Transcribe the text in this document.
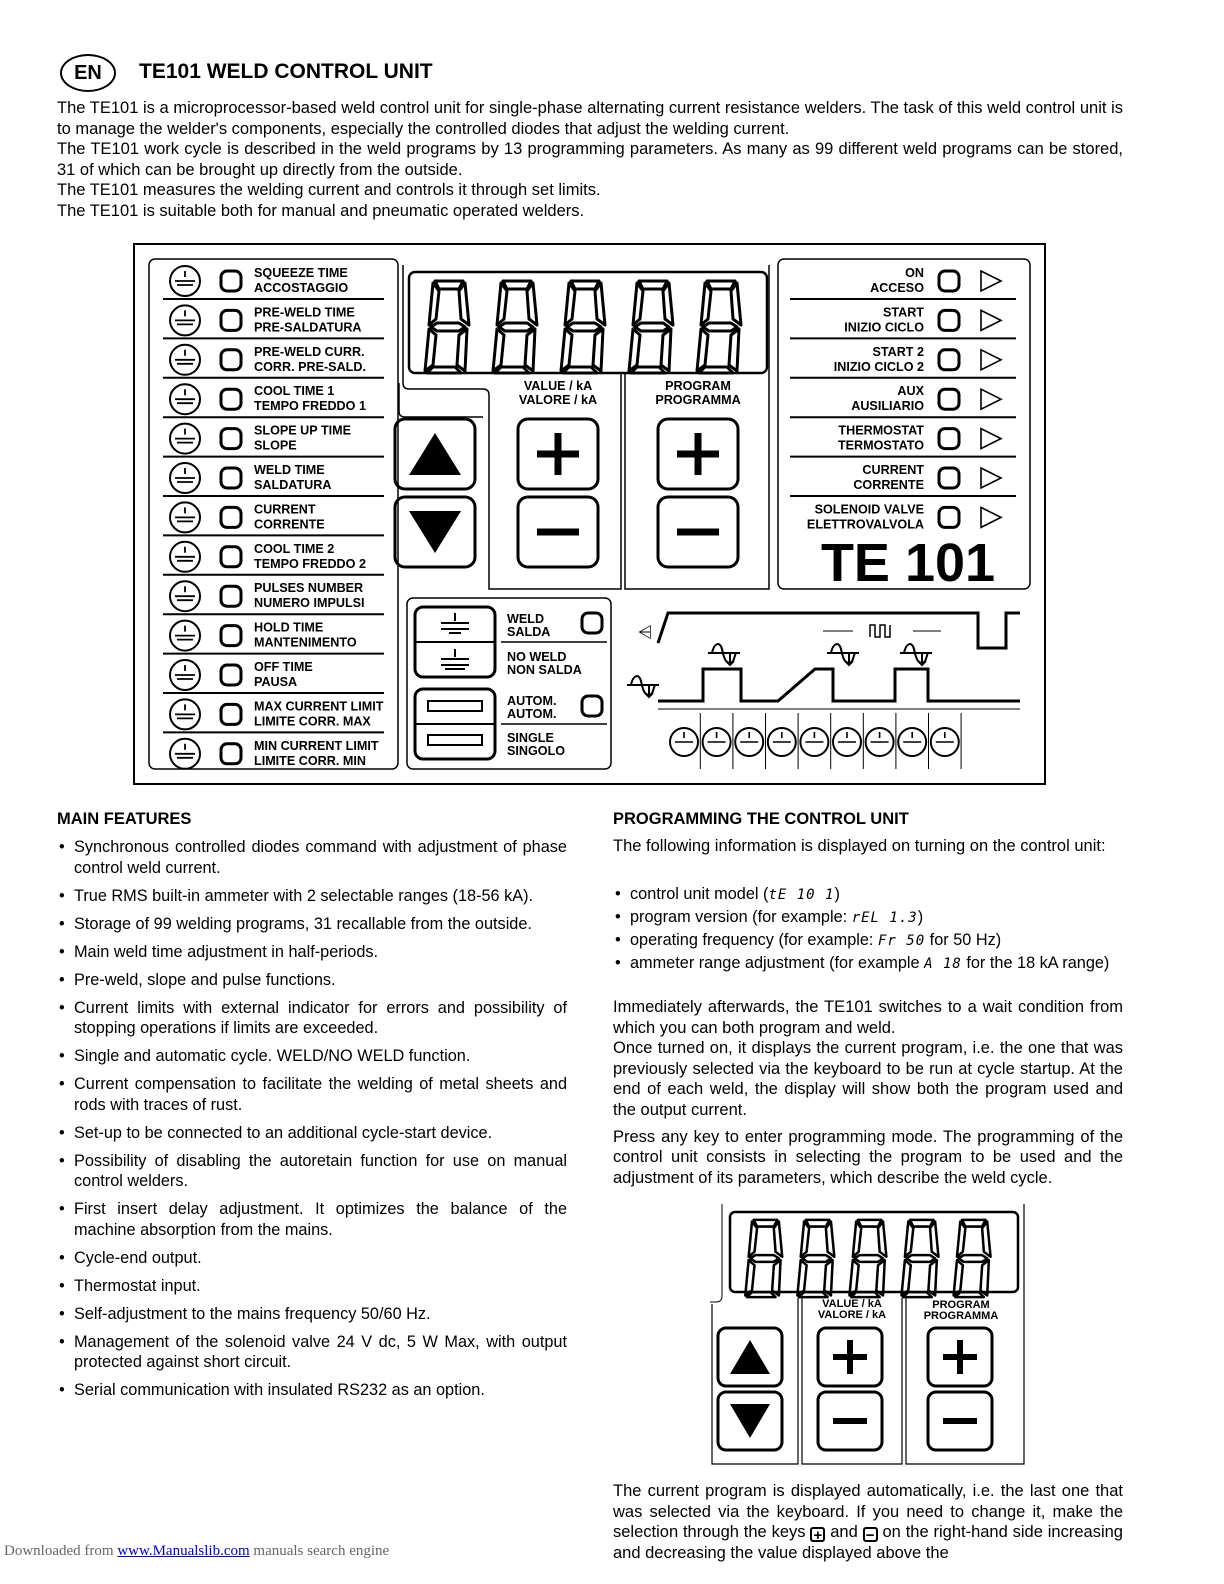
EN	TE101 WELD CONTROL UNIT
The TE101 is a microprocessor-based weld control unit for single-phase alternating current resistance welders. The task of this weld control unit is to manage the welder's components, especially the controlled diodes that adjust the welding current.
The TE101 work cycle is described in the weld programs by 13 programming parameters. As many as 99 different weld programs can be stored, 31 of which can be brought up directly from the outside.
The TE101 measures the welding current and controls it through set limits.
The TE101 is suitable both for manual and pneumatic operated welders.
SQUEEZE TIME
ACCOSTAGGIO
PRE-WELD TIME
PRE-SALDATURA
PRE-WELD CURR.
CORR. PRE-SALD.
COOL TIME 1
TEMPO FREDDO 1
SLOPE UP TIME
SLOPE
WELD TIME
SALDATURA
CURRENT
CORRENTE
COOL TIME 2
TEMPO FREDDO 2
PULSES NUMBER
NUMERO IMPULSI
HOLD TIME
MANTENIMENTO
OFF TIME
PAUSA
MAX CURRENT LIMIT
LIMITE CORR. MAX
MIN CURRENT LIMIT
LIMITE CORR. MIN
VALUE / kA
VALORE / kA
PROGRAM
PROGRAMMA
ON
ACCESO
START
INIZIO CICLO
START 2
INIZIO CICLO 2
AUX
AUSILIARIO
THERMOSTAT
TERMOSTATO
CURRENT
CORRENTE
SOLENOID VALVE
ELETTROVALVOLA
TE 101
WELD
SALDA
NO WELD
NON SALDA
AUTOM.
AUTOM.
SINGLE
SINGOLO
⩤
MAIN FEATURES
• Synchronous controlled diodes command with adjustment of phase control weld current.
• True RMS built-in ammeter with 2 selectable ranges (18-56 kA).
• Storage of 99 welding programs, 31 recallable from the outside.
• Main weld time adjustment in half-periods.
• Pre-weld, slope and pulse functions.
• Current limits with external indicator for errors and possibility of stopping operations if limits are exceeded.
• Single and automatic cycle. WELD/NO WELD function.
• Current compensation to facilitate the welding of metal sheets and rods with traces of rust.
• Set-up to be connected to an additional cycle-start device.
• Possibility of disabling the autoretain function for use on manual control welders.
• First insert delay adjustment. It optimizes the balance of the machine absorption from the mains.
• Cycle-end output.
• Thermostat input.
• Self-adjustment to the mains frequency 50/60 Hz.
• Management of the solenoid valve 24 V dc, 5 W Max, with output protected against short circuit.
• Serial communication with insulated RS232 as an option.
PROGRAMMING THE CONTROL UNIT
The following information is displayed on turning on the control unit:
• control unit model (tE 10 1)
• program version (for example: rEL 1.3)
• operating frequency (for example: Fr 50 for 50 Hz)
• ammeter range adjustment (for example A 18 for the 18 kA range)
Immediately afterwards, the TE101 switches to a wait condition from which you can both program and weld.
Once turned on, it displays the current program, i.e. the one that was previously selected via the keyboard to be run at cycle startup. At the end of each weld, the display will show both the program used and the output current.
Press any key to enter programming mode. The programming of the control unit consists in selecting the program to be used and the adjustment of its parameters, which describe the weld cycle.
VALUE / kA
VALORE / kA
PROGRAM
PROGRAMMA
The current program is displayed automatically, i.e. the last one that was selected via the keyboard. If you need to change it, make the selection through the keys + and − on the right-hand side increasing and decreasing the value displayed above the
Downloaded from www.Manualslib.com manuals search engine
